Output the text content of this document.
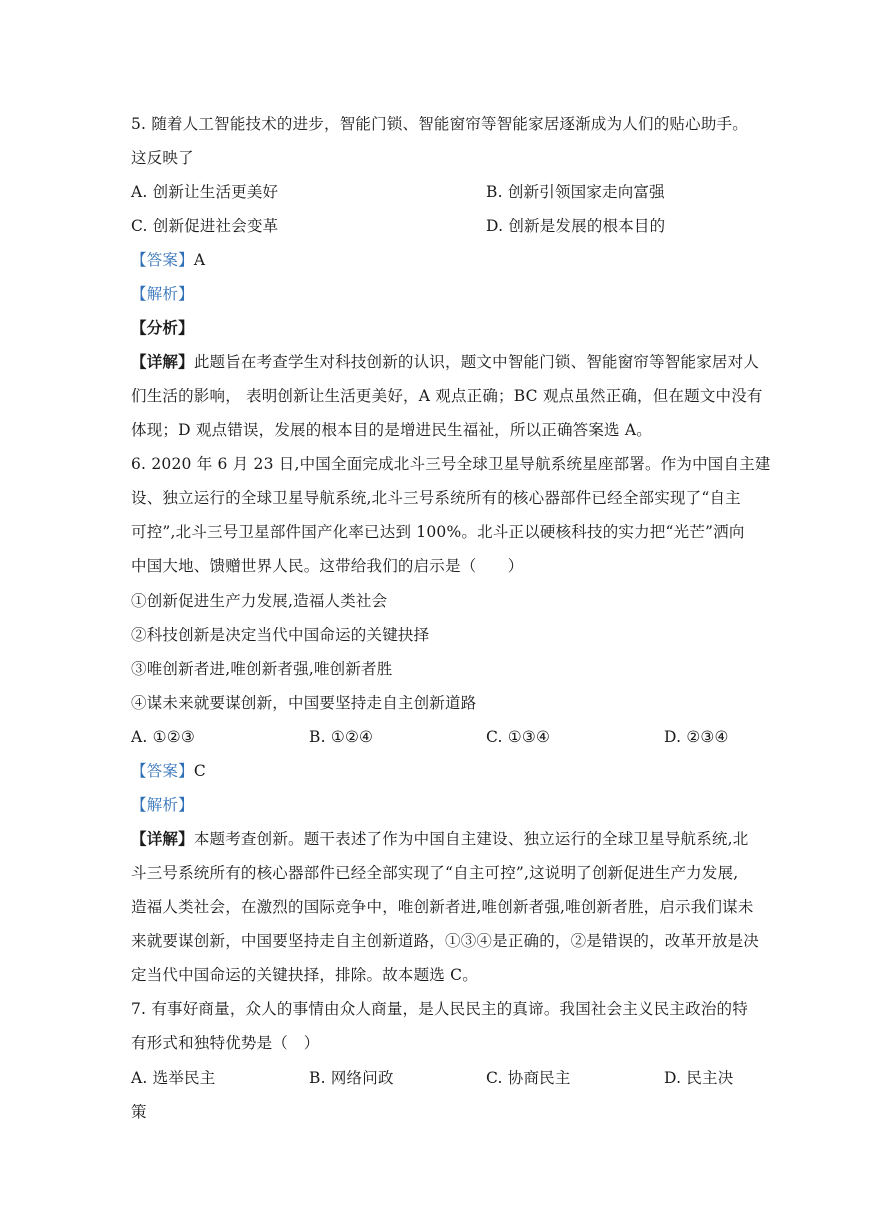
5. 随着人工智能技术的进步，智能门锁、智能窗帘等智能家居逐渐成为人们的贴心助手。
这反映了
A. 创新让生活更美好	B. 创新引领国家走向富强
C. 创新促进社会变革	D. 创新是发展的根本目的
【答案】A
【解析】
【分析】
【详解】此题旨在考查学生对科技创新的认识，题文中智能门锁、智能窗帘等智能家居对人
们生活的影响， 表明创新让生活更美好，A 观点正确；BC 观点虽然正确，但在题文中没有
体现；D 观点错误，发展的根本目的是增进民生福祉，所以正确答案选 A。
6. 2020 年 6 月 23 日,中国全面完成北斗三号全球卫星导航系统星座部署。作为中国自主建
设、独立运行的全球卫星导航系统,北斗三号系统所有的核心器部件已经全部实现了“自主
可控”,北斗三号卫星部件国产化率已达到 100%。北斗正以硬核科技的实力把“光芒”洒向
中国大地、馈赠世界人民。这带给我们的启示是（　　）
①创新促进生产力发展,造福人类社会
②科技创新是决定当代中国命运的关键抉择
③唯创新者进,唯创新者强,唯创新者胜
④谋未来就要谋创新，中国要坚持走自主创新道路
A. ①②③	B. ①②④	C. ①③④	D. ②③④
【答案】C
【解析】
【详解】本题考查创新。题干表述了作为中国自主建设、独立运行的全球卫星导航系统,北
斗三号系统所有的核心器部件已经全部实现了“自主可控”,这说明了创新促进生产力发展,
造福人类社会，在激烈的国际竞争中，唯创新者进,唯创新者强,唯创新者胜，启示我们谋未
来就要谋创新，中国要坚持走自主创新道路，①③④是正确的，②是错误的，改革开放是决
定当代中国命运的关键抉择，排除。故本题选 C。
7. 有事好商量，众人的事情由众人商量，是人民民主的真谛。我国社会主义民主政治的特
有形式和独特优势是（　）
A. 选举民主	B. 网络问政	C. 协商民主	D. 民主决
策
